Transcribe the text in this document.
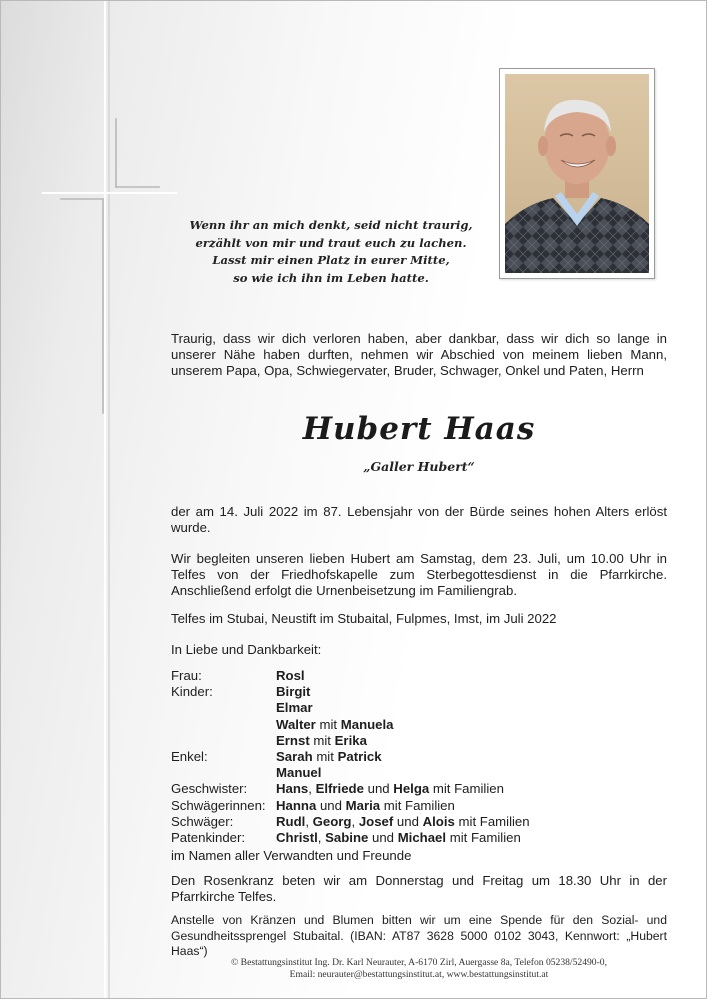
Wenn ihr an mich denkt, seid nicht traurig,
erzählt von mir und traut euch zu lachen.
Lasst mir einen Platz in eurer Mitte,
so wie ich ihn im Leben hatte.
Traurig, dass wir dich verloren haben, aber dankbar, dass wir dich so lange in unserer Nähe haben durften, nehmen wir Abschied von meinem lieben Mann, unserem Papa, Opa, Schwiegervater, Bruder, Schwager, Onkel und Paten, Herrn
Hubert Haas
„Galler Hubert“
der am 14. Juli 2022 im 87. Lebensjahr von der Bürde seines hohen Alters erlöst wurde.
Wir begleiten unseren lieben Hubert am Samstag, dem 23. Juli, um 10.00 Uhr in Telfes von der Friedhofskapelle zum Sterbegottesdienst in die Pfarrkirche. Anschließend erfolgt die Urnenbeisetzung im Familiengrab.
Telfes im Stubai, Neustift im Stubaital, Fulpmes, Imst, im Juli 2022
In Liebe und Dankbarkeit:
Frau:	Rosl
Kinder:	Birgit
Elmar
Walter mit Manuela
Ernst mit Erika
Enkel:	Sarah mit Patrick
Manuel
Geschwister:	Hans, Elfriede und Helga mit Familien
Schwägerinnen: Hanna und Maria mit Familien
Schwäger:	Rudl, Georg, Josef und Alois mit Familien
Patenkinder:	Christl, Sabine und Michael mit Familien
im Namen aller Verwandten und Freunde
Den Rosenkranz beten wir am Donnerstag und Freitag um 18.30 Uhr in der Pfarrkirche Telfes.
Anstelle von Kränzen und Blumen bitten wir um eine Spende für den Sozial- und Gesundheitssprengel Stubaital. (IBAN: AT87 3628 5000 0102 3043, Kennwort: „Hubert Haas“)
© Bestattungsinstitut Ing. Dr. Karl Neurauter, A-6170 Zirl, Auergasse 8a, Telefon 05238/52490-0,
Email: neurauter@bestattungsinstitut.at, www.bestattungsinstitut.at
